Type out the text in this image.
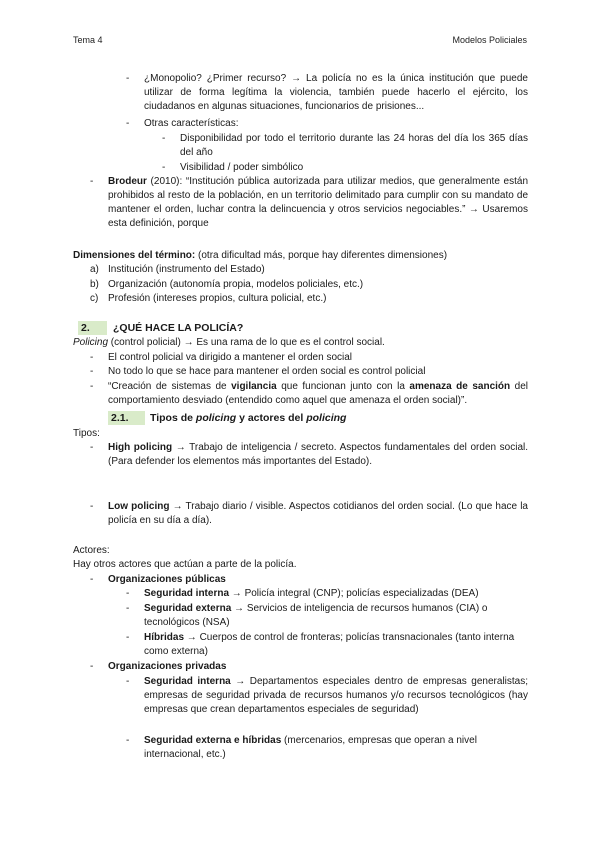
Tema 4	Modelos Policiales
- ¿Monopolio? ¿Primer recurso? → La policía no es la única institución que puede utilizar de forma legítima la violencia, también puede hacerlo el ejército, los ciudadanos en algunas situaciones, funcionarios de prisiones...

- Otras características:

- Disponibilidad por todo el territorio durante las 24 horas del día los 365 días del año

- Visibilidad / poder simbólico

- Brodeur (2010): “Institución pública autorizada para utilizar medios, que generalmente están prohibidos al resto de la población, en un territorio delimitado para cumplir con su mandato de mantener el orden, luchar contra la delincuencia y otros servicios negociables.” → Usaremos esta definición, porque

Dimensiones del término: (otra dificultad más, porque hay diferentes dimensiones)

a) Institución (instrumento del Estado)

b) Organización (autonomía propia, modelos policiales, etc.)

c) Profesión (intereses propios, cultura policial, etc.)

2. ¿QUÉ HACE LA POLICÍA?

Policing (control policial) → Es una rama de lo que es el control social.

- El control policial va dirigido a mantener el orden social

- No todo lo que se hace para mantener el orden social es control policial

- “Creación de sistemas de vigilancia que funcionan junto con la amenaza de sanción del comportamiento desviado (entendido como aquel que amenaza el orden social)”.

2.1. Tipos de policing y actores del policing
Tipos:
- High policing → Trabajo de inteligencia / secreto. Aspectos fundamentales del orden social. (Para defender los elementos más importantes del Estado).

- Low policing → Trabajo diario / visible. Aspectos cotidianos del orden social. (Lo que hace la policía en su día a día).

Actores:
Hay otros actores que actúan a parte de la policía.
- Organizaciones públicas

- Seguridad interna → Policía integral (CNP); policías especializadas (DEA)

- Seguridad externa → Servicios de inteligencia de recursos humanos (CIA) o tecnológicos (NSA)

- Híbridas → Cuerpos de control de fronteras; policías transnacionales (tanto interna como externa)

- Organizaciones privadas

- Seguridad interna → Departamentos especiales dentro de empresas generalistas; empresas de seguridad privada de recursos humanos y/o recursos tecnológicos (hay empresas que crean departamentos especiales de seguridad)

- Seguridad externa e híbridas (mercenarios, empresas que operan a nivel internacional, etc.)
